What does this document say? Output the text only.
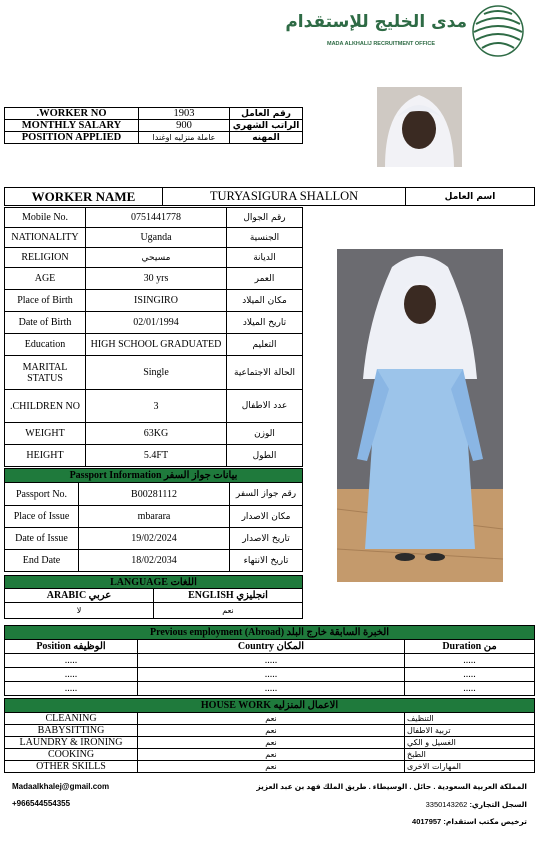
مدى الخليج للإستقدام
MADA ALKHALIJ RECRUITMENT OFFICE
.WORKER NO	1903	رقم العامل
MONTHLY SALARY	900	الراتب الشهري
POSITION APPLIED	عاملة منزليه اوغندا	المهنه
WORKER NAME	TURYASIGURA SHALLON	اسم العامل
Mobile No.	0751441778	رقم الجوال
NATIONALITY	Uganda	الجنسية
RELIGION	مسيحي	الديانة
AGE	30 yrs	العمر
Place of Birth	ISINGIRO	مكان الميلاد
Date of Birth	02/01/1994	تاريخ الميلاد
Education	HIGH SCHOOL GRADUATED	التعليم
MARITAL STATUS	Single	الحالة الاجتماعية
.CHILDREN NO	3	عدد الاطفال
WEIGHT	63KG	الوزن
HEIGHT	5.4FT	الطول
Passport Information بيانات جواز السفر		
Passport No.	B00281112	رقم جواز السفر
Place of Issue	mbarara	مكان الاصدار
Date of Issue	19/02/2024	تاريخ الاصدار
End Date	18/02/2034	تاريخ الانتهاء
LANGUAGE اللغات	
ARABIC عربي	ENGLISH انجليزي
لا	نعم
Previous employment (Abroad) الخبرة السابقة خارج البلد		
Position الوظيفه	Country المكان	Duration من
.....	.....	.....
.....	.....	.....
.....	.....	.....
HOUSE WORK الاعمال المنزليه		
CLEANING	نعم	التنظيف
BABYSITTING	نعم	تربية الاطفال
LAUNDRY & IRONING	نعم	الغسيل و الكي
COOKING	نعم	الطبخ
OTHER SKILLS	نعم	المهارات الاخرى
Madaalkhalej@gmail.com
+966544554355
المملكة العربية السعودية . حائل . الوسيطاء . طريق الملك فهد بن عبد العزيز
السجل التجاري: 3350143262
ترخيص مكتب استقدام: 4017957
